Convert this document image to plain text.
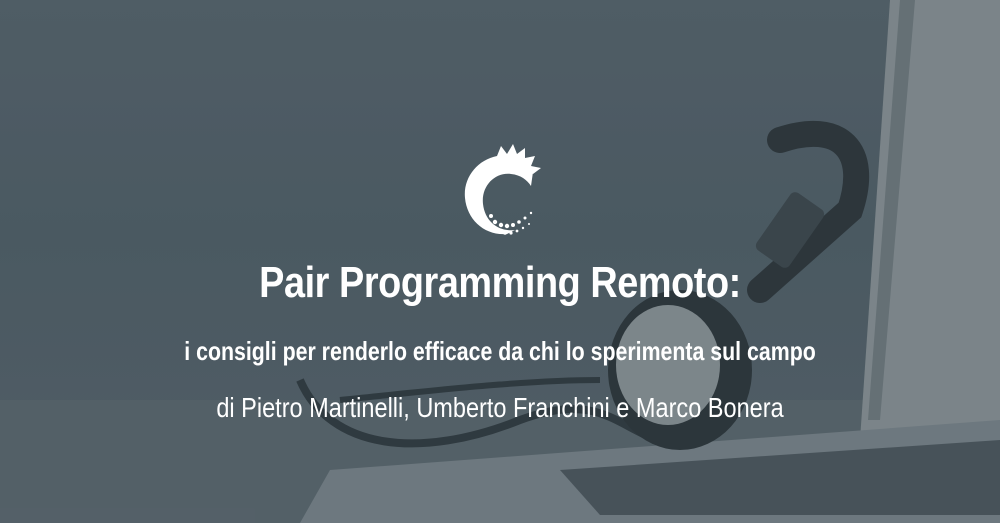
Pair Programming Remoto:
i consigli per renderlo efficace da chi lo sperimenta sul campo
di Pietro Martinelli, Umberto Franchini e Marco Bonera
